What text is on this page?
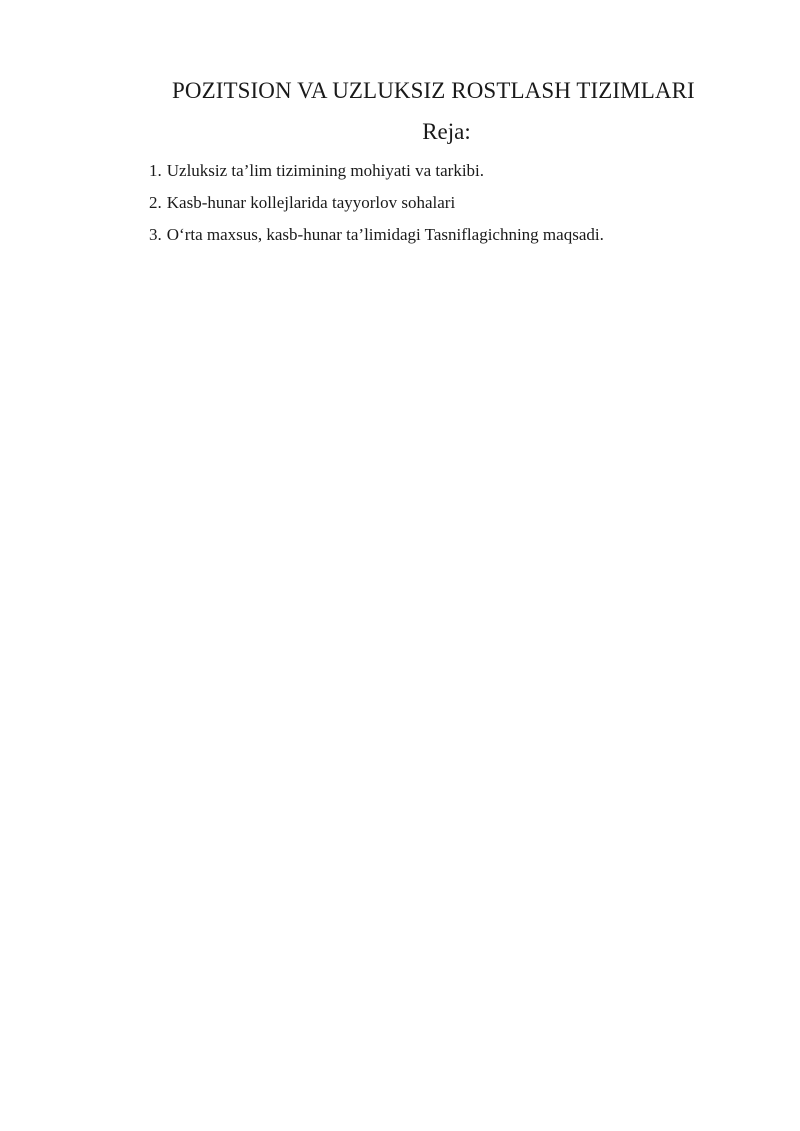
POZITSION VA UZLUKSIZ ROSTLASH TIZIMLARI
Reja:
1. Uzluksiz ta’lim tizimining mohiyati va tarkibi.
2. Kasb-hunar kollejlarida tayyorlov sohalari
3. O‘rta maxsus, kasb-hunar ta’limidagi Tasniflagichning maqsadi.
